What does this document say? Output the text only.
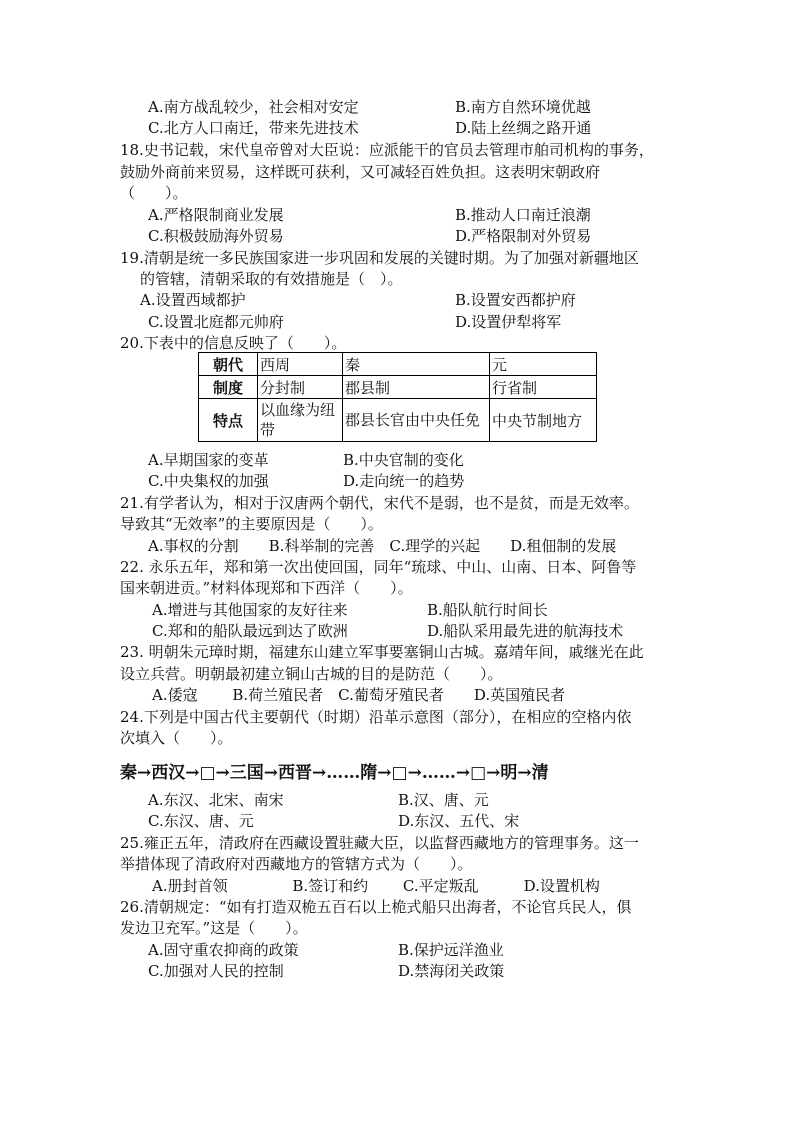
A.南方战乱较少，社会相对安定	B.南方自然环境优越
C.北方人口南迁，带来先进技术	D.陆上丝绸之路开通
18.史书记载，宋代皇帝曾对大臣说：应派能干的官员去管理市舶司机构的事务，
鼓励外商前来贸易，这样既可获利，又可减轻百姓负担。这表明宋朝政府
（　　）。
A.严格限制商业发展	B.推动人口南迁浪潮
C.积极鼓励海外贸易	D.严格限制对外贸易
19.清朝是统一多民族国家进一步巩固和发展的关键时期。为了加强对新疆地区
的管辖，清朝采取的有效措施是（　）。
A.设置西域都护	B.设置安西都护府
C.设置北庭都元帅府	D.设置伊犁将军
20.下表中的信息反映了（　　）。
朝代	西周	秦	元
制度	分封制	郡县制	行省制
特点	以血缘为纽带	郡县长官由中央任免	中央节制地方
A.早期国家的变革	B.中央官制的变化
C.中央集权的加强	D.走向统一的趋势
21.有学者认为，相对于汉唐两个朝代，宋代不是弱，也不是贫，而是无效率。
导致其“无效率”的主要原因是（　　）。
A.事权的分割　　B.科举制的完善　C.理学的兴起　　D.租佃制的发展
22. 永乐五年，郑和第一次出使回国，同年“琉球、中山、山南、日本、阿鲁等
国来朝进贡。”材料体现郑和下西洋（　　）。
A.增进与其他国家的友好往来	B.船队航行时间长
C.郑和的船队最远到达了欧洲	D.船队采用最先进的航海技术
23. 明朝朱元璋时期，福建东山建立军事要塞铜山古城。嘉靖年间，戚继光在此
设立兵营。明朝最初建立铜山古城的目的是防范（　　）。
A.倭寇　　 B.荷兰殖民者　C.葡萄牙殖民者　　D.英国殖民者
24.下列是中国古代主要朝代（时期）沿革示意图（部分），在相应的空格内依
次填入（　　）。
秦→西汉→□→三国→西晋→……隋→□→……→□→明→清
A.东汉、北宋、南宋	B.汉、唐、元
C.东汉、唐、元	D.东汉、五代、宋
25.雍正五年，清政府在西藏设置驻藏大臣，以监督西藏地方的管理事务。这一
举措体现了清政府对西藏地方的管辖方式为（　　）。
A.册封首领　　　　 B.签订和约　　 C.平定叛乱　　　D.设置机构
26.清朝规定：“如有打造双桅五百石以上桅式船只出海者，不论官兵民人，俱
发边卫充军。”这是（　　）。
A.固守重农抑商的政策	B.保护远洋渔业
C.加强对人民的控制	D.禁海闭关政策
